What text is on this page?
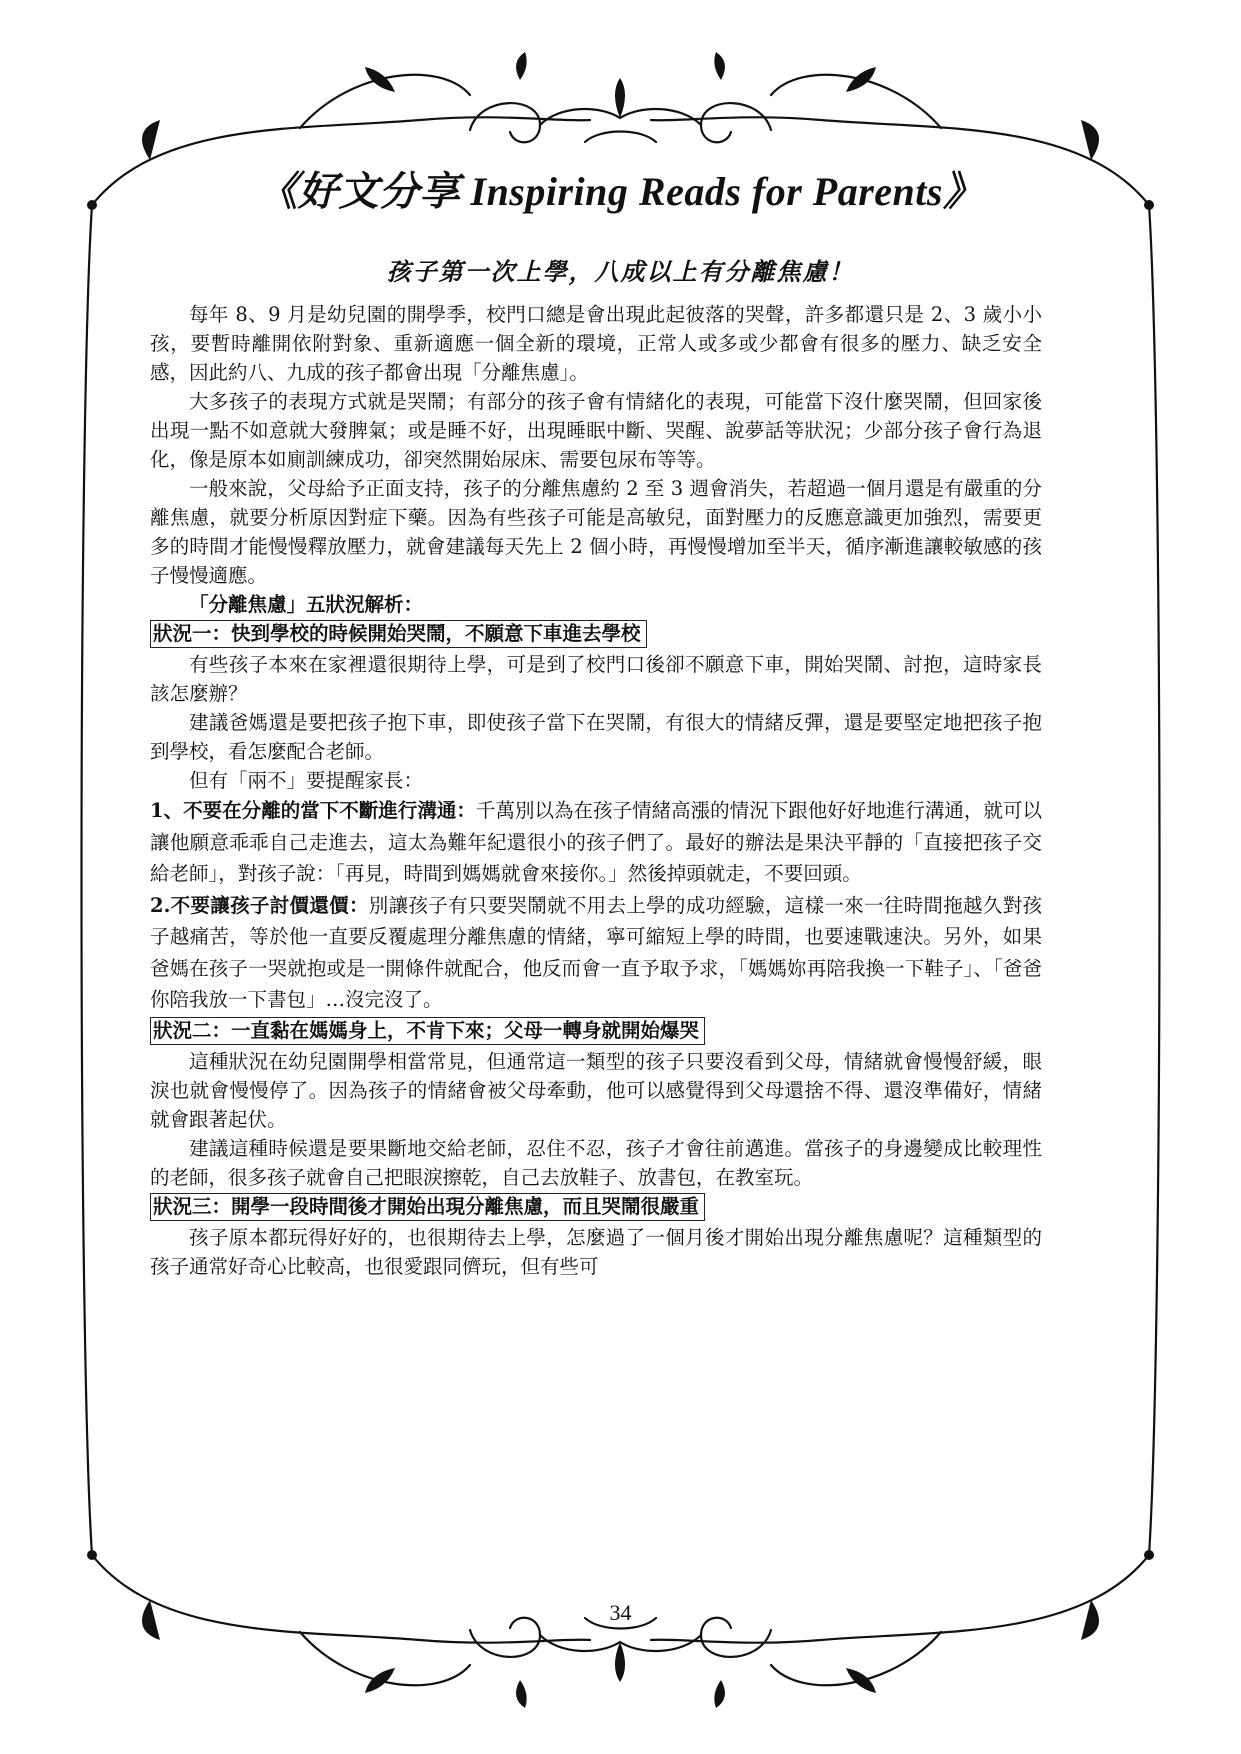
《好文分享 Inspiring Reads for Parents》
孩子第一次上學，八成以上有分離焦慮！

每年 8、9 月是幼兒園的開學季，校門口總是會出現此起彼落的哭聲，許多都還只是 2、3 歲小小孩，要暫時離開依附對象、重新適應一個全新的環境，正常人或多或少都會有很多的壓力、缺乏安全感，因此約八、九成的孩子都會出現「分離焦慮」。

大多孩子的表現方式就是哭鬧；有部分的孩子會有情緒化的表現，可能當下沒什麼哭鬧，但回家後出現一點不如意就大發脾氣；或是睡不好，出現睡眠中斷、哭醒、說夢話等狀況；少部分孩子會行為退化，像是原本如廁訓練成功，卻突然開始尿床、需要包尿布等等。

一般來說，父母給予正面支持，孩子的分離焦慮約 2 至 3 週會消失，若超過一個月還是有嚴重的分離焦慮，就要分析原因對症下藥。因為有些孩子可能是高敏兒，面對壓力的反應意識更加強烈，需要更多的時間才能慢慢釋放壓力，就會建議每天先上 2 個小時，再慢慢增加至半天，循序漸進讓較敏感的孩子慢慢適應。

「分離焦慮」五狀況解析：

狀況一：快到學校的時候開始哭鬧，不願意下車進去學校

有些孩子本來在家裡還很期待上學，可是到了校門口後卻不願意下車，開始哭鬧、討抱，這時家長該怎麼辦？

建議爸媽還是要把孩子抱下車，即使孩子當下在哭鬧，有很大的情緒反彈，還是要堅定地把孩子抱到學校，看怎麼配合老師。

但有「兩不」要提醒家長：

1、不要在分離的當下不斷進行溝通：千萬別以為在孩子情緒高漲的情況下跟他好好地進行溝通，就可以讓他願意乖乖自己走進去，這太為難年紀還很小的孩子們了。最好的辦法是果決平靜的「直接把孩子交給老師」，對孩子說：「再見，時間到媽媽就會來接你。」然後掉頭就走，不要回頭。

2.不要讓孩子討價還價：別讓孩子有只要哭鬧就不用去上學的成功經驗，這樣一來一往時間拖越久對孩子越痛苦，等於他一直要反覆處理分離焦慮的情緒，寧可縮短上學的時間，也要速戰速決。另外，如果爸媽在孩子一哭就抱或是一開條件就配合，他反而會一直予取予求，「媽媽妳再陪我換一下鞋子」、「爸爸你陪我放一下書包」…沒完沒了。

狀況二：一直黏在媽媽身上，不肯下來；父母一轉身就開始爆哭

這種狀況在幼兒園開學相當常見，但通常這一類型的孩子只要沒看到父母，情緒就會慢慢舒緩，眼淚也就會慢慢停了。因為孩子的情緒會被父母牽動，他可以感覺得到父母還捨不得、還沒準備好，情緒就會跟著起伏。

建議這種時候還是要果斷地交給老師，忍住不忍，孩子才會往前邁進。當孩子的身邊變成比較理性的老師，很多孩子就會自己把眼淚擦乾，自己去放鞋子、放書包，在教室玩。

狀況三：開學一段時間後才開始出現分離焦慮，而且哭鬧很嚴重

孩子原本都玩得好好的，也很期待去上學，怎麼過了一個月後才開始出現分離焦慮呢？這種類型的孩子通常好奇心比較高，也很愛跟同儕玩，但有些可

34
